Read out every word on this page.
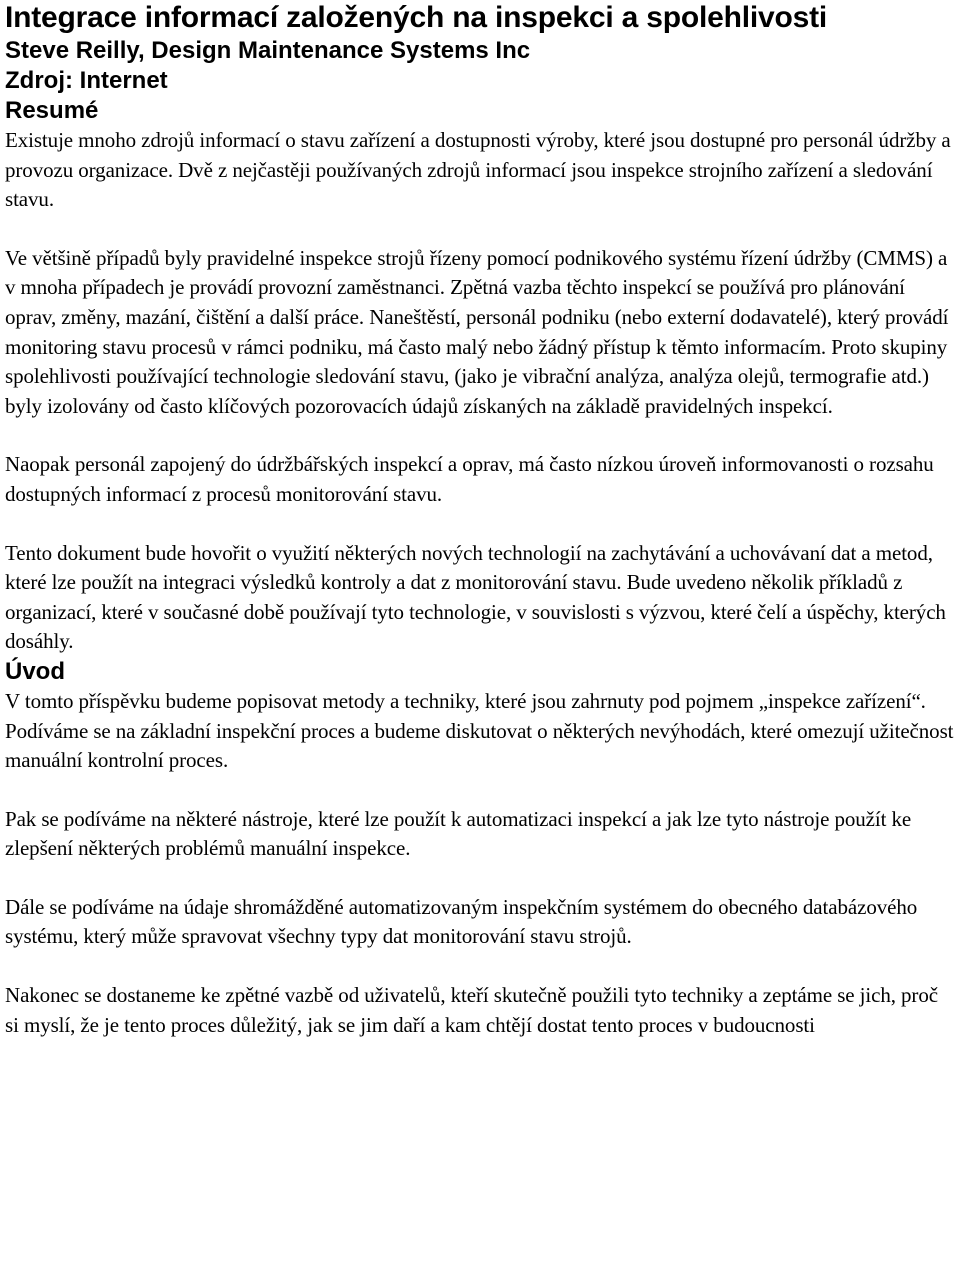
Integrace informací založených na inspekci a spolehlivosti
Steve Reilly, Design Maintenance Systems Inc
Zdroj: Internet
Resumé

Existuje mnoho zdrojů informací o stavu zařízení a dostupnosti výroby, které jsou dostupné pro personál údržby a provozu organizace. Dvě z nejčastěji používaných zdrojů informací jsou inspekce strojního zařízení a sledování stavu.

Ve většině případů byly pravidelné inspekce strojů řízeny pomocí podnikového systému řízení údržby (CMMS) a v mnoha případech je provádí provozní zaměstnanci. Zpětná vazba těchto inspekcí se používá pro plánování oprav, změny, mazání, čištění a další práce. Naneštěstí, personál podniku (nebo externí dodavatelé), který provádí monitoring stavu procesů v rámci podniku, má často malý nebo žádný přístup k těmto informacím. Proto skupiny spolehlivosti používající technologie sledování stavu, (jako je vibrační analýza, analýza olejů, termografie atd.) byly izolovány od často klíčových pozorovacích údajů získaných na základě pravidelných inspekcí.

Naopak personál zapojený do údržbářských inspekcí a oprav, má často nízkou úroveň informovanosti o rozsahu dostupných informací z procesů monitorování stavu.

Tento dokument bude hovořit o využití některých nových technologií na zachytávání a uchovávaní dat a metod, které lze použít na integraci výsledků kontroly a dat z monitorování stavu. Bude uvedeno několik příkladů z organizací, které v současné době používají tyto technologie, v souvislosti s výzvou, které čelí a úspěchy, kterých dosáhly.

Úvod

V tomto příspěvku budeme popisovat metody a techniky, které jsou zahrnuty pod pojmem „inspekce zařízení“. Podíváme se na základní inspekční proces a budeme diskutovat o některých nevýhodách, které omezují užitečnost manuální kontrolní proces.

Pak se podíváme na některé nástroje, které lze použít k automatizaci inspekcí a jak lze tyto nástroje použít ke zlepšení některých problémů manuální inspekce.

Dále se podíváme na údaje shromážděné automatizovaným inspekčním systémem do obecného databázového systému, který může spravovat všechny typy dat monitorování stavu strojů.

Nakonec se dostaneme ke zpětné vazbě od uživatelů, kteří skutečně použili tyto techniky a zeptáme se jich, proč si myslí, že je tento proces důležitý, jak se jim daří a kam chtějí dostat tento proces v budoucnosti
